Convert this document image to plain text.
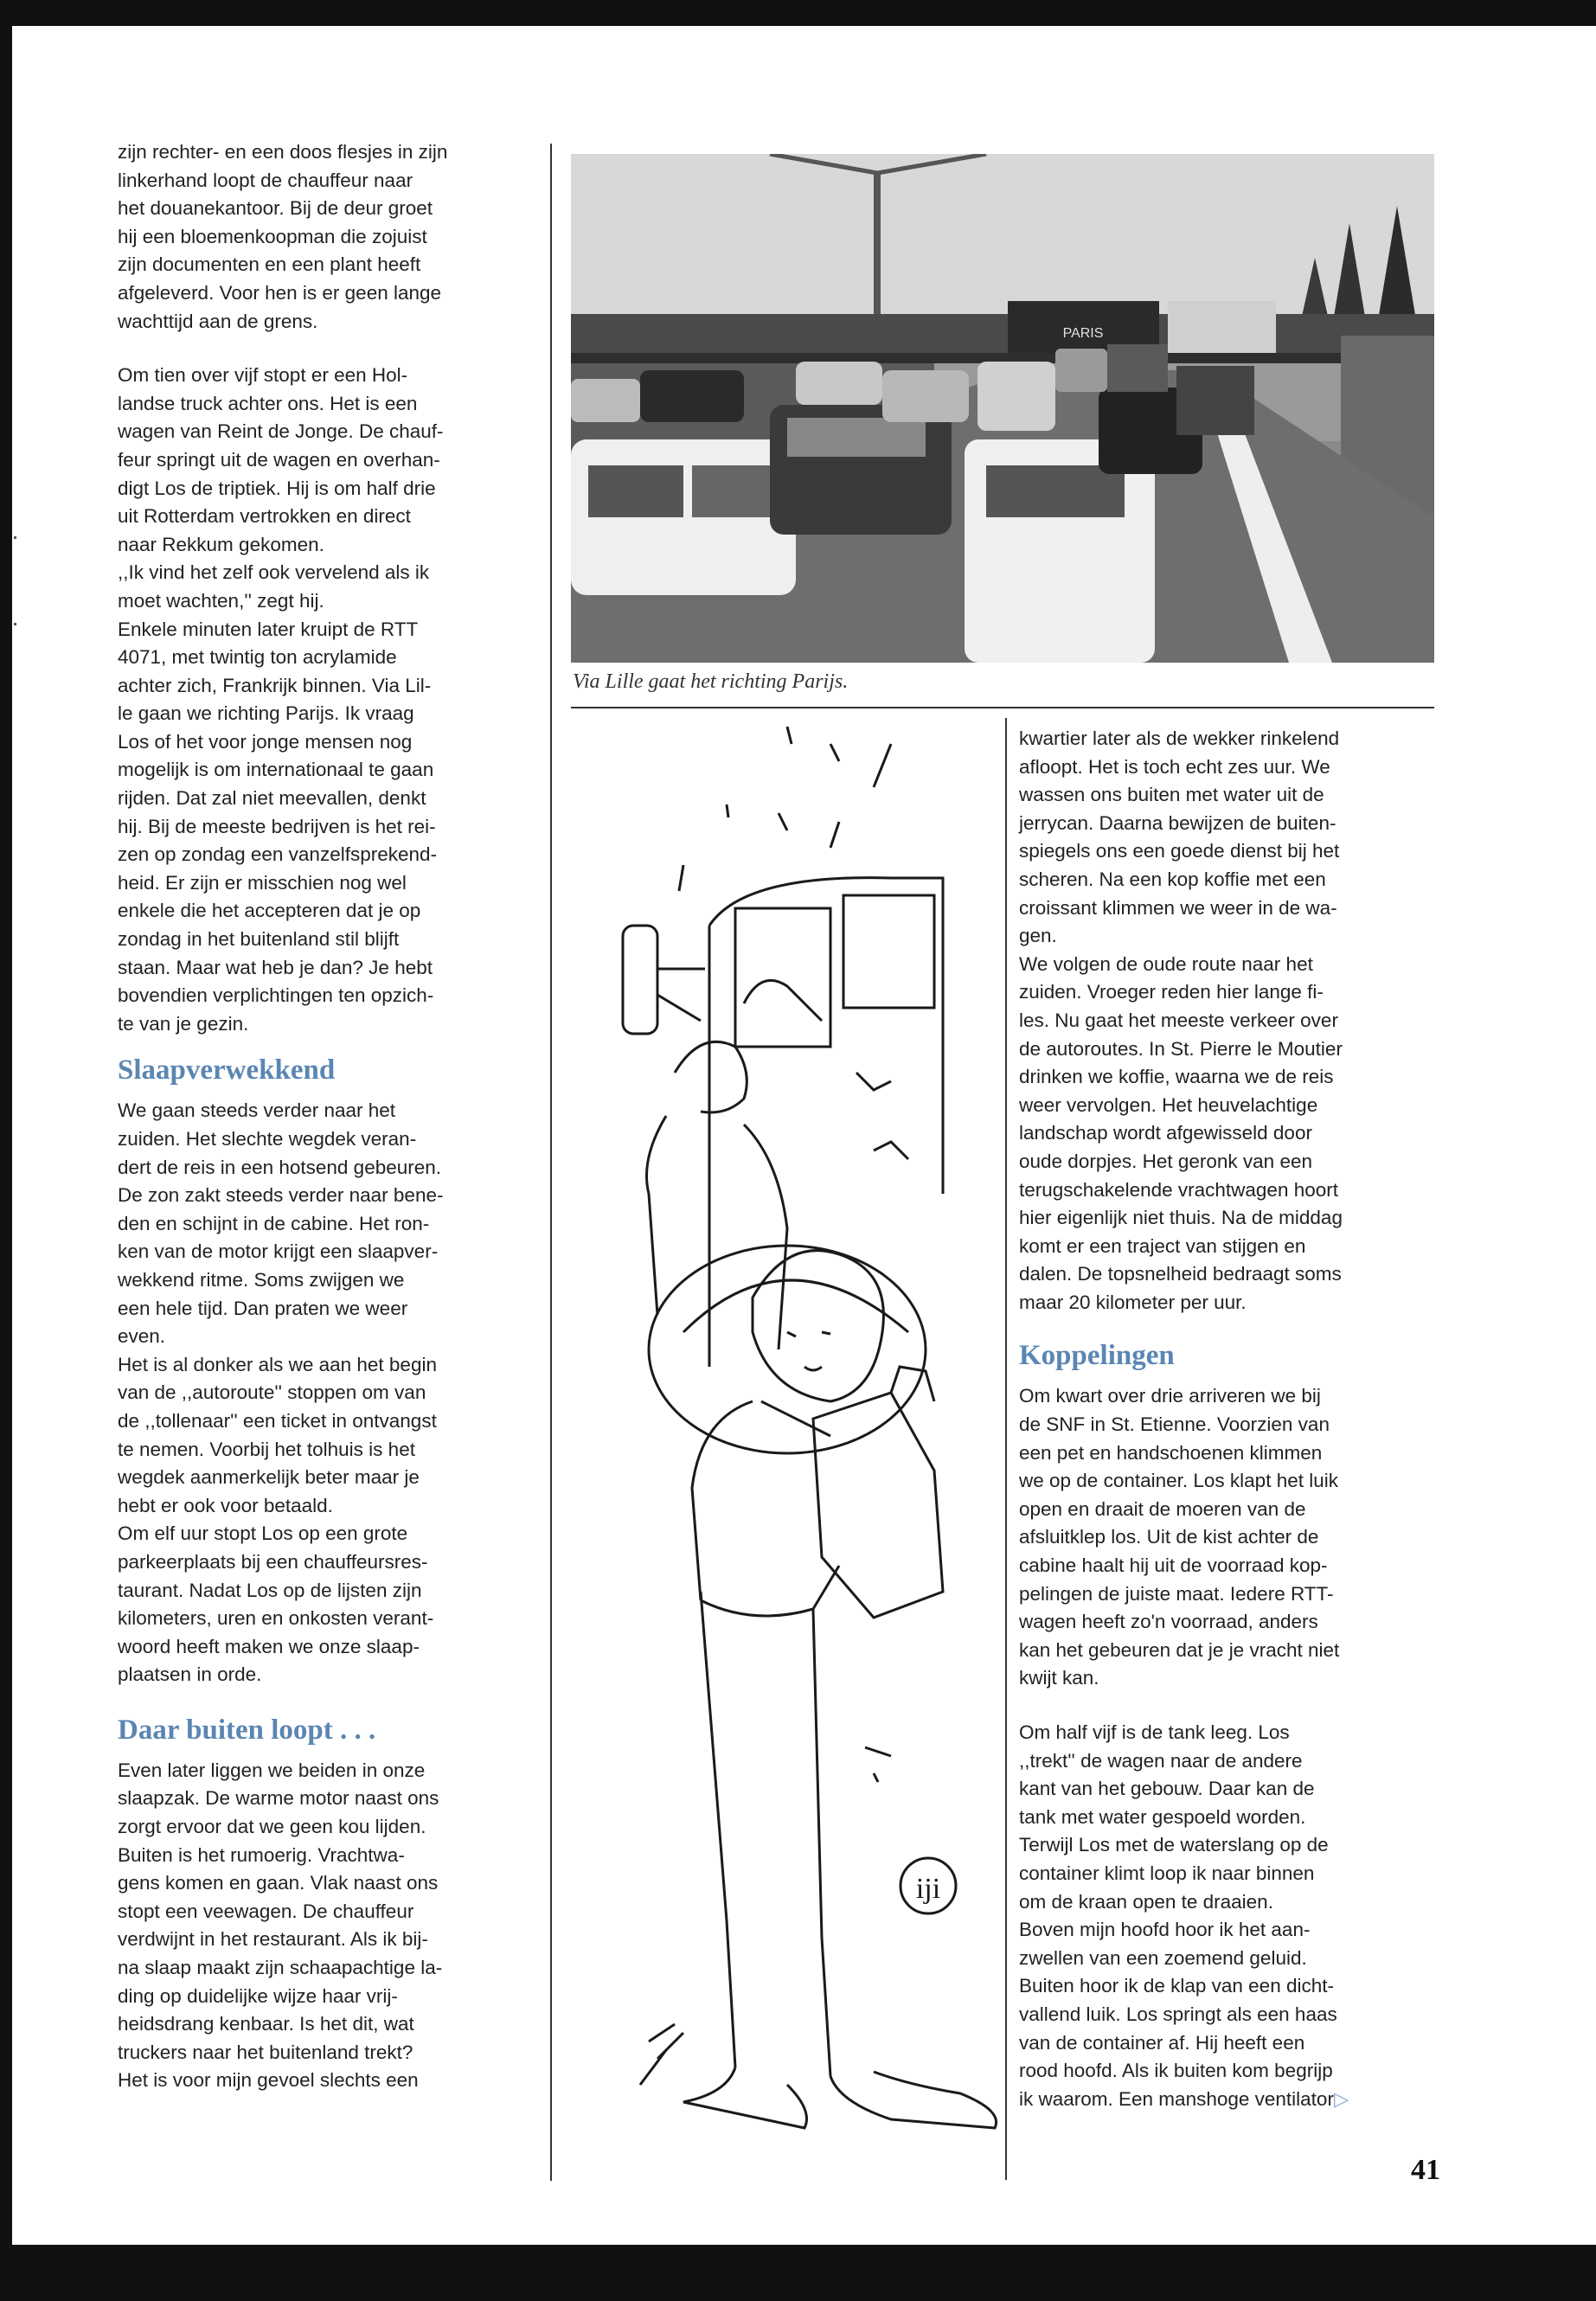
zijn rechter- en een doos flesjes in zijn
linkerhand loopt de chauffeur naar
het douanekantoor. Bij de deur groet
hij een bloemenkoopman die zojuist
zijn documenten en een plant heeft
afgeleverd. Voor hen is er geen lange
wachttijd aan de grens.

Om tien over vijf stopt er een Hol-
landse truck achter ons. Het is een
wagen van Reint de Jonge. De chauf-
feur springt uit de wagen en overhan-
digt Los de triptiek. Hij is om half drie
uit Rotterdam vertrokken en direct
naar Rekkum gekomen.

,,Ik vind het zelf ook vervelend als ik
moet wachten,'' zegt hij.

Enkele minuten later kruipt de RTT
4071, met twintig ton acrylamide
achter zich, Frankrijk binnen. Via Lil-
le gaan we richting Parijs. Ik vraag
Los of het voor jonge mensen nog
mogelijk is om internationaal te gaan
rijden. Dat zal niet meevallen, denkt
hij. Bij de meeste bedrijven is het rei-
zen op zondag een vanzelfsprekend-
heid. Er zijn er misschien nog wel
enkele die het accepteren dat je op
zondag in het buitenland stil blijft
staan. Maar wat heb je dan? Je hebt
bovendien verplichtingen ten opzich-
te van je gezin.

Slaapverwekkend

We gaan steeds verder naar het
zuiden. Het slechte wegdek veran-
dert de reis in een hotsend gebeuren.
De zon zakt steeds verder naar bene-
den en schijnt in de cabine. Het ron-
ken van de motor krijgt een slaapver-
wekkend ritme. Soms zwijgen we
een hele tijd. Dan praten we weer
even.

Het is al donker als we aan het begin
van de ,,autoroute'' stoppen om van
de ,,tollenaar'' een ticket in ontvangst
te nemen. Voorbij het tolhuis is het
wegdek aanmerkelijk beter maar je
hebt er ook voor betaald.

Om elf uur stopt Los op een grote
parkeerplaats bij een chauffeursres-
taurant. Nadat Los op de lijsten zijn
kilometers, uren en onkosten verant-
woord heeft maken we onze slaap-
plaatsen in orde.

Daar buiten loopt . . .

Even later liggen we beiden in onze
slaapzak. De warme motor naast ons
zorgt ervoor dat we geen kou lijden.
Buiten is het rumoerig. Vrachtwa-
gens komen en gaan. Vlak naast ons
stopt een veewagen. De chauffeur
verdwijnt in het restaurant. Als ik bij-
na slaap maakt zijn schaapachtige la-
ding op duidelijke wijze haar vrij-
heidsdrang kenbaar. Is het dit, wat
truckers naar het buitenland trekt?
Het is voor mijn gevoel slechts een

PARIS
Via Lille gaat het richting Parijs.
iji

kwartier later als de wekker rinkelend
afloopt. Het is toch echt zes uur. We
wassen ons buiten met water uit de
jerrycan. Daarna bewijzen de buiten-
spiegels ons een goede dienst bij het
scheren. Na een kop koffie met een
croissant klimmen we weer in de wa-
gen.

We volgen de oude route naar het
zuiden. Vroeger reden hier lange fi-
les. Nu gaat het meeste verkeer over
de autoroutes. In St. Pierre le Moutier
drinken we koffie, waarna we de reis
weer vervolgen. Het heuvelachtige
landschap wordt afgewisseld door
oude dorpjes. Het geronk van een
terugschakelende vrachtwagen hoort
hier eigenlijk niet thuis. Na de middag
komt er een traject van stijgen en
dalen. De topsnelheid bedraagt soms
maar 20 kilometer per uur.

Koppelingen

Om kwart over drie arriveren we bij
de SNF in St. Etienne. Voorzien van
een pet en handschoenen klimmen
we op de container. Los klapt het luik
open en draait de moeren van de
afsluitklep los. Uit de kist achter de
cabine haalt hij uit de voorraad kop-
pelingen de juiste maat. Iedere RTT-
wagen heeft zo'n voorraad, anders
kan het gebeuren dat je je vracht niet
kwijt kan.

Om half vijf is de tank leeg. Los
,,trekt'' de wagen naar de andere
kant van het gebouw. Daar kan de
tank met water gespoeld worden.
Terwijl Los met de waterslang op de
container klimt loop ik naar binnen
om de kraan open te draaien.
Boven mijn hoofd hoor ik het aan-
zwellen van een zoemend geluid.
Buiten hoor ik de klap van een dicht-
vallend luik. Los springt als een haas
van de container af. Hij heeft een
rood hoofd. Als ik buiten kom begrijp
ik waarom. Een manshoge ventilator

▷
41
